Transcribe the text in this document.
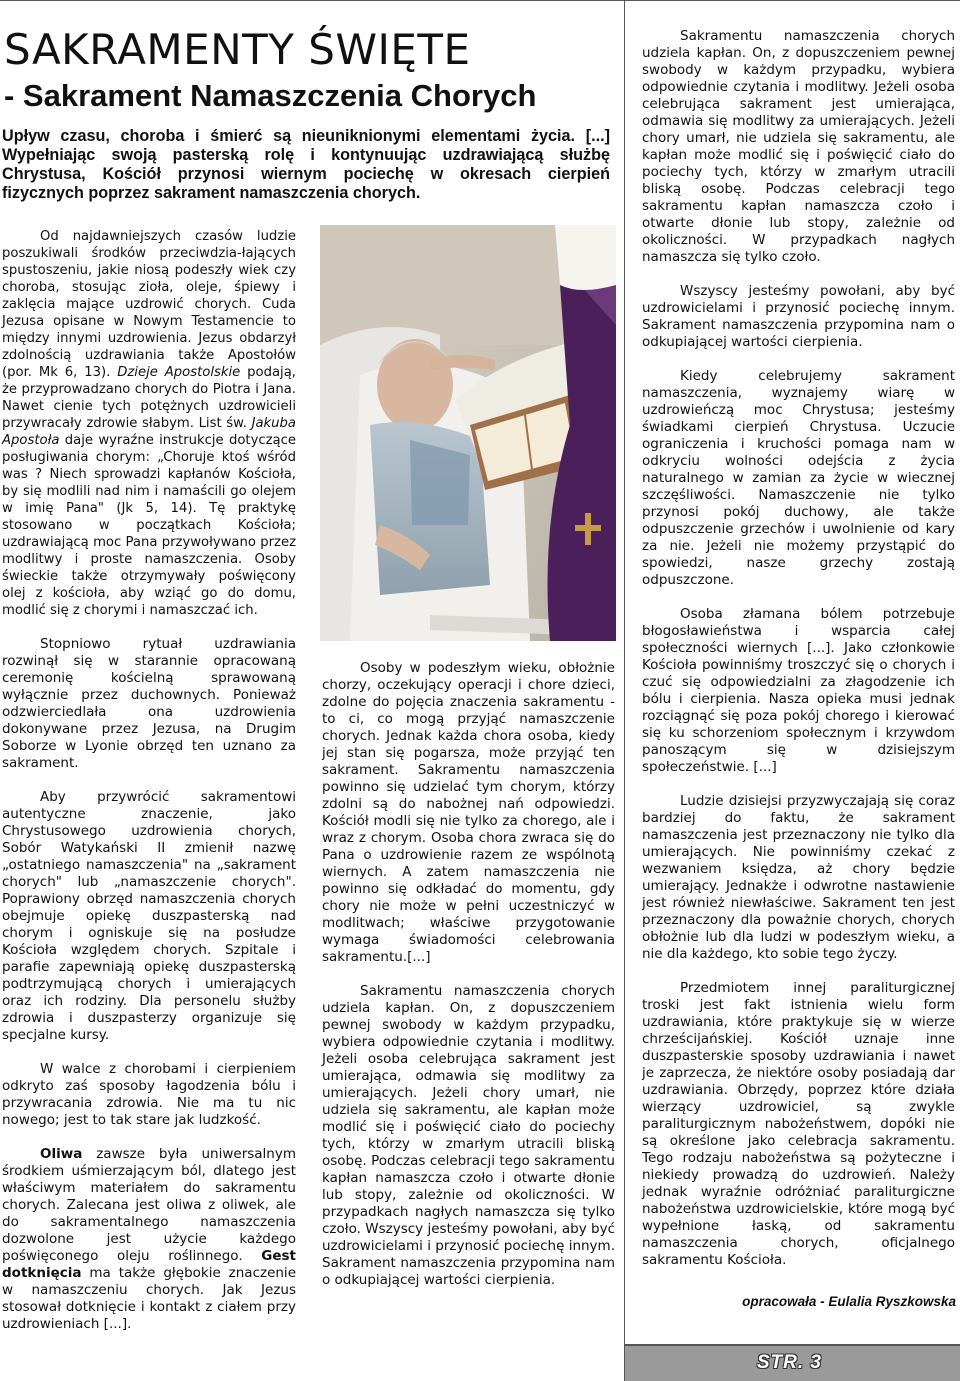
SAKRAMENTY ŚWIĘTE
- Sakrament Namaszczenia Chorych

Upływ czasu, choroba i śmierć są nieuniknionymi elementami życia. [...] Wypełniając swoją pasterską rolę i kontynuując uzdrawiającą służbę Chrystusa, Kościół przynosi wiernym pociechę w okresach cierpień fizycznych poprzez sakrament namaszczenia chorych.

Od najdawniejszych czasów ludzie poszukiwali środków przeciwdzia-łających spustoszeniu, jakie niosą podeszły wiek czy choroba, stosując zioła, oleje, śpiewy i zaklęcia mające uzdrowić chorych. Cuda Jezusa opisane w Nowym Testamencie to między innymi uzdrowienia. Jezus obdarzył zdolnością uzdrawiania także Apostołów (por. Mk 6, 13). Dzieje Apostolskie podają, że przyprowadzano chorych do Piotra i Jana. Nawet cienie tych potężnych uzdrowicieli przywracały zdrowie słabym. List św. Jakuba Apostoła daje wyraźne instrukcje dotyczące posługiwania chorym: „Choruje ktoś wśród was ? Niech sprowadzi kapłanów Kościoła, by się modlili nad nim i namaścili go olejem w imię Pana" (Jk 5, 14). Tę praktykę stosowano w początkach Kościoła; uzdrawiającą moc Pana przywoływano przez modlitwy i proste namaszczenia. Osoby świeckie także otrzymywały poświęcony olej z kościoła, aby wziąć go do domu, modlić się z chorymi i namaszczać ich.

Stopniowo rytuał uzdrawiania rozwinął się w starannie opracowaną ceremonię kościelną sprawowaną wyłącznie przez duchownych. Ponieważ odzwierciedlała ona uzdrowienia dokonywane przez Jezusa, na Drugim Soborze w Lyonie obrzęd ten uznano za sakrament.

Aby przywrócić sakramentowi autentyczne znaczenie, jako Chrystusowego uzdrowienia chorych, Sobór Watykański II zmienił nazwę „ostatniego namaszczenia" na „sakrament chorych" lub „namaszczenie chorych". Poprawiony obrzęd namaszczenia chorych obejmuje opiekę duszpasterską nad chorym i ogniskuje się na posłudze Kościoła względem chorych. Szpitale i parafie zapewniają opiekę duszpasterską podtrzymującą chorych i umierających oraz ich rodziny. Dla personelu służby zdrowia i duszpasterzy organizuje się specjalne kursy.

W walce z chorobami i cierpieniem odkryto zaś sposoby łagodzenia bólu i przywracania zdrowia. Nie ma tu nic nowego; jest to tak stare jak ludzkość.

Oliwa zawsze była uniwersalnym środkiem uśmierzającym ból, dlatego jest właściwym materiałem do sakramentu chorych. Zalecana jest oliwa z oliwek, ale do sakramentalnego namaszczenia dozwolone jest użycie każdego poświęconego oleju roślinnego. Gest dotknięcia ma także głębokie znaczenie w namaszczeniu chorych. Jak Jezus stosował dotknięcie i kontakt z ciałem przy uzdrowieniach [...].

Osoby w podeszłym wieku, obłożnie chorzy, oczekujący operacji i chore dzieci, zdolne do pojęcia znaczenia sakramentu - to ci, co mogą przyjąć namaszczenie chorych. Jednak każda chora osoba, kiedy jej stan się pogarsza, może przyjąć ten sakrament. Sakramentu namaszczenia powinno się udzielać tym chorym, którzy zdolni są do nabożnej nań odpowiedzi. Kościół modli się nie tylko za chorego, ale i wraz z chorym. Osoba chora zwraca się do Pana o uzdrowienie razem ze wspólnotą wiernych. A zatem namaszczenia nie powinno się odkładać do momentu, gdy chory nie może w pełni uczestniczyć w modlitwach; właściwe przygotowanie wymaga świadomości celebrowania sakramentu.[...]

Sakramentu namaszczenia chorych udziela kapłan. On, z dopuszczeniem pewnej swobody w każdym przypadku, wybiera odpowiednie czytania i modlitwy. Jeżeli osoba celebrująca sakrament jest umierająca, odmawia się modlitwy za umierających. Jeżeli chory umarł, nie udziela się sakramentu, ale kapłan może modlić się i poświęcić ciało do pociechy tych, którzy w zmarłym utracili bliską osobę. Podczas celebracji tego sakramentu kapłan namaszcza czoło i otwarte dłonie lub stopy, zależnie od okoliczności. W przypadkach nagłych namaszcza się tylko czoło. Wszyscy jesteśmy powołani, aby być uzdrowicielami i przynosić pociechę innym. Sakrament namaszczenia przypomina nam o odkupiającej wartości cierpienia.

Sakramentu namaszczenia chorych udziela kapłan. On, z dopuszczeniem pewnej swobody w każdym przypadku, wybiera odpowiednie czytania i modlitwy. Jeżeli osoba celebrująca sakrament jest umierająca, odmawia się modlitwy za umierających. Jeżeli chory umarł, nie udziela się sakramentu, ale kapłan może modlić się i poświęcić ciało do pociechy tych, którzy w zmarłym utracili bliską osobę. Podczas celebracji tego sakramentu kapłan namaszcza czoło i otwarte dłonie lub stopy, zależnie od okoliczności. W przypadkach nagłych namaszcza się tylko czoło.

Wszyscy jesteśmy powołani, aby być uzdrowicielami i przynosić pociechę innym. Sakrament namaszczenia przypomina nam o odkupiającej wartości cierpienia.

Kiedy celebrujemy sakrament namaszczenia, wyznajemy wiarę w uzdrowieńczą moc Chrystusa; jesteśmy świadkami cierpień Chrystusa. Uczucie ograniczenia i kruchości pomaga nam w odkryciu wolności odejścia z życia naturalnego w zamian za życie w wiecznej szczęśliwości. Namaszczenie nie tylko przynosi pokój duchowy, ale także odpuszczenie grzechów i uwolnienie od kary za nie. Jeżeli nie możemy przystąpić do spowiedzi, nasze grzechy zostają odpuszczone.

Osoba złamana bólem potrzebuje błogosławieństwa i wsparcia całej społeczności wiernych [...]. Jako członkowie Kościoła powinniśmy troszczyć się o chorych i czuć się odpowiedzialni za złagodzenie ich bólu i cierpienia. Nasza opieka musi jednak rozciągnąć się poza pokój chorego i kierować się ku schorzeniom społecznym i krzywdom panoszącym się w dzisiejszym społeczeństwie. [...]

Ludzie dzisiejsi przyzwyczajają się coraz bardziej do faktu, że sakrament namaszczenia jest przeznaczony nie tylko dla umierających. Nie powinniśmy czekać z wezwaniem księdza, aż chory będzie umierający. Jednakże i odwrotne nastawienie jest również niewłaściwe. Sakrament ten jest przeznaczony dla poważnie chorych, chorych obłożnie lub dla ludzi w podeszłym wieku, a nie dla każdego, kto sobie tego życzy.

Przedmiotem innej paraliturgicznej troski jest fakt istnienia wielu form uzdrawiania, które praktykuje się w wierze chrześcijańskiej. Kościół uznaje inne duszpasterskie sposoby uzdrawiania i nawet je zaprzecza, że niektóre osoby posiadają dar uzdrawiania. Obrzędy, poprzez które działa wierzący uzdrowiciel, są zwykle paraliturgicznym nabożeństwem, dopóki nie są określone jako celebracja sakramentu. Tego rodzaju nabożeństwa są pożyteczne i niekiedy prowadzą do uzdrowień. Należy jednak wyraźnie odróżniać paraliturgiczne nabożeństwa uzdrowicielskie, które mogą być wypełnione łaską, od sakramentu namaszczenia chorych, oficjalnego sakramentu Kościoła.

opracowała - Eulalia Ryszkowska
STR. 3
